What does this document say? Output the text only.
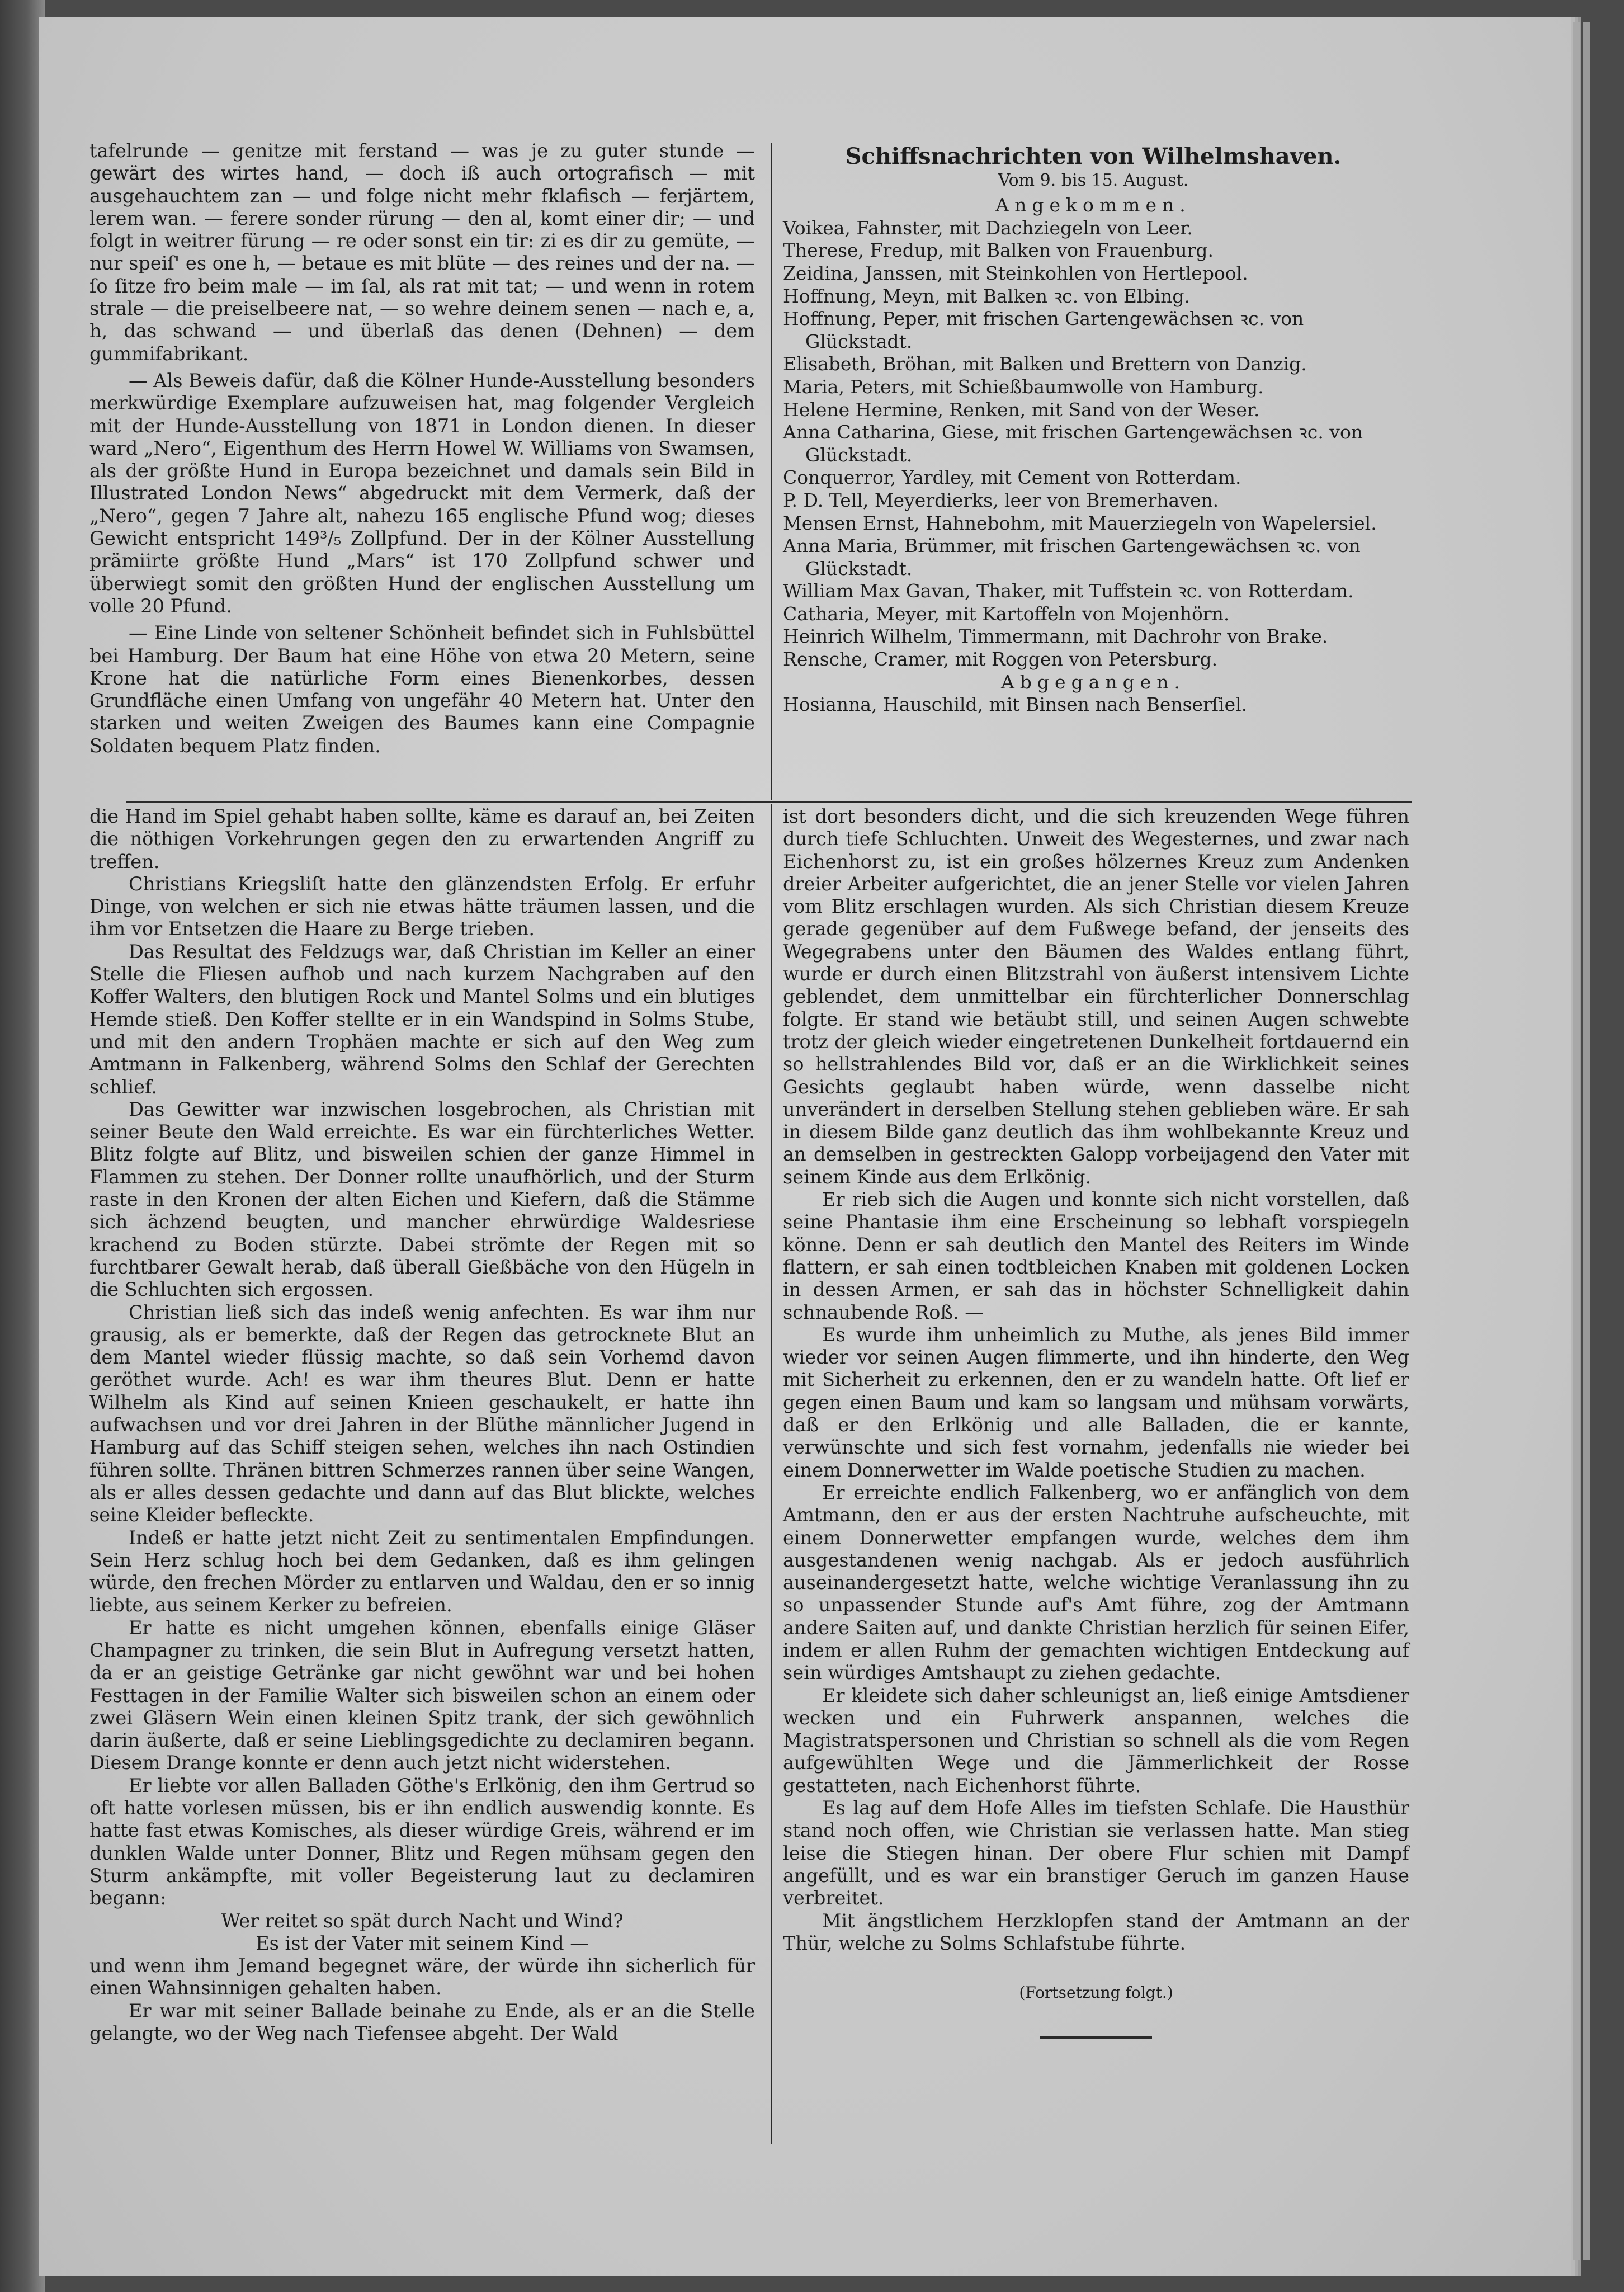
tafelrunde — genitze mit ferstand — was je zu guter stunde — gewärt des wirtes hand, — doch iß auch ortografisch — mit ausgehauchtem zan — und folge nicht mehr fklafisch — ferjärtem, lerem wan. — ferere sonder rürung — den al, komt einer dir; — und folgt in weitrer fürung — re oder sonst ein tir: zi es dir zu gemüte, — nur speiſ' es one h, — betaue es mit blüte — des reines und der na. — ſo ſitze fro beim male — im ſal, als rat mit tat; — und wenn in rotem strale — die preiselbeere nat, — so wehre deinem senen — nach e, a, h, das schwand — und überlaß das denen (Dehnen) — dem gummifabrikant.

— Als Beweis dafür, daß die Kölner Hunde-Ausstellung besonders merkwürdige Exemplare aufzuweisen hat, mag folgender Vergleich mit der Hunde-Ausstellung von 1871 in London dienen. In dieser ward „Nero“, Eigenthum des Herrn Howel W. Williams von Swamsen, als der größte Hund in Europa bezeichnet und damals sein Bild in Illustrated London News“ abgedruckt mit dem Vermerk, daß der „Nero“, gegen 7 Jahre alt, nahezu 165 englische Pfund wog; dieses Gewicht entspricht 149³/₅ Zollpfund. Der in der Kölner Ausstellung prämiirte größte Hund „Mars“ ist 170 Zollpfund schwer und überwiegt somit den größten Hund der englischen Ausstellung um volle 20 Pfund.

— Eine Linde von seltener Schönheit befindet sich in Fuhlsbüttel bei Hamburg. Der Baum hat eine Höhe von etwa 20 Metern, seine Krone hat die natürliche Form eines Bienenkorbes, dessen Grundfläche einen Umfang von ungefähr 40 Metern hat. Unter den starken und weiten Zweigen des Baumes kann eine Compagnie Soldaten bequem Platz finden.

Schiffsnachrichten von Wilhelmshaven.
Vom 9. bis 15. August.
Angekommen.
Voikea, Fahnster, mit Dachziegeln von Leer.
Therese, Fredup, mit Balken von Frauenburg.
Zeidina, Janssen, mit Steinkohlen von Hertlepool.
Hoffnung, Meyn, mit Balken ꝛc. von Elbing.
Hoffnung, Peper, mit frischen Gartengewächsen ꝛc. von Glückstadt.
Elisabeth, Bröhan, mit Balken und Brettern von Danzig.
Maria, Peters, mit Schießbaumwolle von Hamburg.
Helene Hermine, Renken, mit Sand von der Weser.
Anna Catharina, Giese, mit frischen Gartengewächsen ꝛc. von Glückstadt.
Conquerror, Yardley, mit Cement von Rotterdam.
P. D. Tell, Meyerdierks, leer von Bremerhaven.
Mensen Ernst, Hahnebohm, mit Mauerziegeln von Wapelersiel.
Anna Maria, Brümmer, mit frischen Gartengewächsen ꝛc. von Glückstadt.
William Max Gavan, Thaker, mit Tuffstein ꝛc. von Rotterdam.
Catharia, Meyer, mit Kartoffeln von Mojenhörn.
Heinrich Wilhelm, Timmermann, mit Dachrohr von Brake.
Rensche, Cramer, mit Roggen von Petersburg.
Abgegangen.
Hosianna, Hauschild, mit Binsen nach Benserſiel.

die Hand im Spiel gehabt haben sollte, käme es darauf an, bei Zeiten die nöthigen Vorkehrungen gegen den zu erwartenden Angriff zu treffen.

Christians Kriegsliſt hatte den glänzendsten Erfolg. Er erfuhr Dinge, von welchen er sich nie etwas hätte träumen lassen, und die ihm vor Entsetzen die Haare zu Berge trieben.

Das Resultat des Feldzugs war, daß Christian im Keller an einer Stelle die Fliesen aufhob und nach kurzem Nachgraben auf den Koffer Walters, den blutigen Rock und Mantel Solms und ein blutiges Hemde stieß. Den Koffer stellte er in ein Wandspind in Solms Stube, und mit den andern Trophäen machte er sich auf den Weg zum Amtmann in Falkenberg, während Solms den Schlaf der Gerechten schlief.

Das Gewitter war inzwischen losgebrochen, als Christian mit seiner Beute den Wald erreichte. Es war ein fürchterliches Wetter. Blitz folgte auf Blitz, und bisweilen schien der ganze Himmel in Flammen zu stehen. Der Donner rollte unaufhörlich, und der Sturm raste in den Kronen der alten Eichen und Kiefern, daß die Stämme sich ächzend beugten, und mancher ehrwürdige Waldesriese krachend zu Boden stürzte. Dabei strömte der Regen mit so furchtbarer Gewalt herab, daß überall Gießbäche von den Hügeln in die Schluchten sich ergossen.

Christian ließ sich das indeß wenig anfechten. Es war ihm nur grausig, als er bemerkte, daß der Regen das getrocknete Blut an dem Mantel wieder flüssig machte, so daß sein Vorhemd davon geröthet wurde. Ach! es war ihm theures Blut. Denn er hatte Wilhelm als Kind auf seinen Knieen geschaukelt, er hatte ihn aufwachsen und vor drei Jahren in der Blüthe männlicher Jugend in Hamburg auf das Schiff steigen sehen, welches ihn nach Ostindien führen sollte. Thränen bittren Schmerzes rannen über seine Wangen, als er alles dessen gedachte und dann auf das Blut blickte, welches seine Kleider befleckte.

Indeß er hatte jetzt nicht Zeit zu sentimentalen Empfindungen. Sein Herz schlug hoch bei dem Gedanken, daß es ihm gelingen würde, den frechen Mörder zu entlarven und Waldau, den er so innig liebte, aus seinem Kerker zu befreien.

Er hatte es nicht umgehen können, ebenfalls einige Gläser Champagner zu trinken, die sein Blut in Aufregung versetzt hatten, da er an geistige Getränke gar nicht gewöhnt war und bei hohen Festtagen in der Familie Walter sich bisweilen schon an einem oder zwei Gläsern Wein einen kleinen Spitz trank, der sich gewöhnlich darin äußerte, daß er seine Lieblingsgedichte zu declamiren begann. Diesem Drange konnte er denn auch jetzt nicht widerstehen.

Er liebte vor allen Balladen Göthe's Erlkönig, den ihm Gertrud so oft hatte vorlesen müssen, bis er ihn endlich auswendig konnte. Es hatte fast etwas Komisches, als dieser würdige Greis, während er im dunklen Walde unter Donner, Blitz und Regen mühsam gegen den Sturm ankämpfte, mit voller Begeisterung laut zu declamiren begann:

Wer reitet so spät durch Nacht und Wind?

Es ist der Vater mit seinem Kind —

und wenn ihm Jemand begegnet wäre, der würde ihn sicherlich für einen Wahnsinnigen gehalten haben.

Er war mit seiner Ballade beinahe zu Ende, als er an die Stelle gelangte, wo der Weg nach Tiefensee abgeht. Der Wald

ist dort besonders dicht, und die sich kreuzenden Wege führen durch tiefe Schluchten. Unweit des Wegesternes, und zwar nach Eichenhorst zu, ist ein großes hölzernes Kreuz zum Andenken dreier Arbeiter aufgerichtet, die an jener Stelle vor vielen Jahren vom Blitz erschlagen wurden. Als sich Christian diesem Kreuze gerade gegenüber auf dem Fußwege befand, der jenseits des Wegegrabens unter den Bäumen des Waldes entlang führt, wurde er durch einen Blitzstrahl von äußerst intensivem Lichte geblendet, dem unmittelbar ein fürchterlicher Donnerschlag folgte. Er stand wie betäubt still, und seinen Augen schwebte trotz der gleich wieder eingetretenen Dunkelheit fortdauernd ein so hellstrahlendes Bild vor, daß er an die Wirklichkeit seines Gesichts geglaubt haben würde, wenn dasselbe nicht unverändert in derselben Stellung stehen geblieben wäre. Er sah in diesem Bilde ganz deutlich das ihm wohlbekannte Kreuz und an demselben in gestreckten Galopp vorbeijagend den Vater mit seinem Kinde aus dem Erlkönig.

Er rieb sich die Augen und konnte sich nicht vorstellen, daß seine Phantasie ihm eine Erscheinung so lebhaft vorspiegeln könne. Denn er sah deutlich den Mantel des Reiters im Winde flattern, er sah einen todtbleichen Knaben mit goldenen Locken in dessen Armen, er sah das in höchster Schnelligkeit dahin schnaubende Roß. —

Es wurde ihm unheimlich zu Muthe, als jenes Bild immer wieder vor seinen Augen flimmerte, und ihn hinderte, den Weg mit Sicherheit zu erkennen, den er zu wandeln hatte. Oft lief er gegen einen Baum und kam so langsam und mühsam vorwärts, daß er den Erlkönig und alle Balladen, die er kannte, verwünschte und sich fest vornahm, jedenfalls nie wieder bei einem Donnerwetter im Walde poetische Studien zu machen.

Er erreichte endlich Falkenberg, wo er anfänglich von dem Amtmann, den er aus der ersten Nachtruhe aufscheuchte, mit einem Donnerwetter empfangen wurde, welches dem ihm ausgestandenen wenig nachgab. Als er jedoch ausführlich auseinandergesetzt hatte, welche wichtige Veranlassung ihn zu so unpassender Stunde auf's Amt führe, zog der Amtmann andere Saiten auf, und dankte Christian herzlich für seinen Eifer, indem er allen Ruhm der gemachten wichtigen Entdeckung auf sein würdiges Amtshaupt zu ziehen gedachte.

Er kleidete sich daher schleunigst an, ließ einige Amtsdiener wecken und ein Fuhrwerk anspannen, welches die Magistratspersonen und Christian so schnell als die vom Regen aufgewühlten Wege und die Jämmerlichkeit der Rosse gestatteten, nach Eichenhorst führte.

Es lag auf dem Hofe Alles im tiefsten Schlafe. Die Hausthür stand noch offen, wie Christian sie verlassen hatte. Man stieg leise die Stiegen hinan. Der obere Flur schien mit Dampf angefüllt, und es war ein branstiger Geruch im ganzen Hause verbreitet.

Mit ängstlichem Herzklopfen stand der Amtmann an der Thür, welche zu Solms Schlafstube führte.

(Fortsetzung folgt.)
